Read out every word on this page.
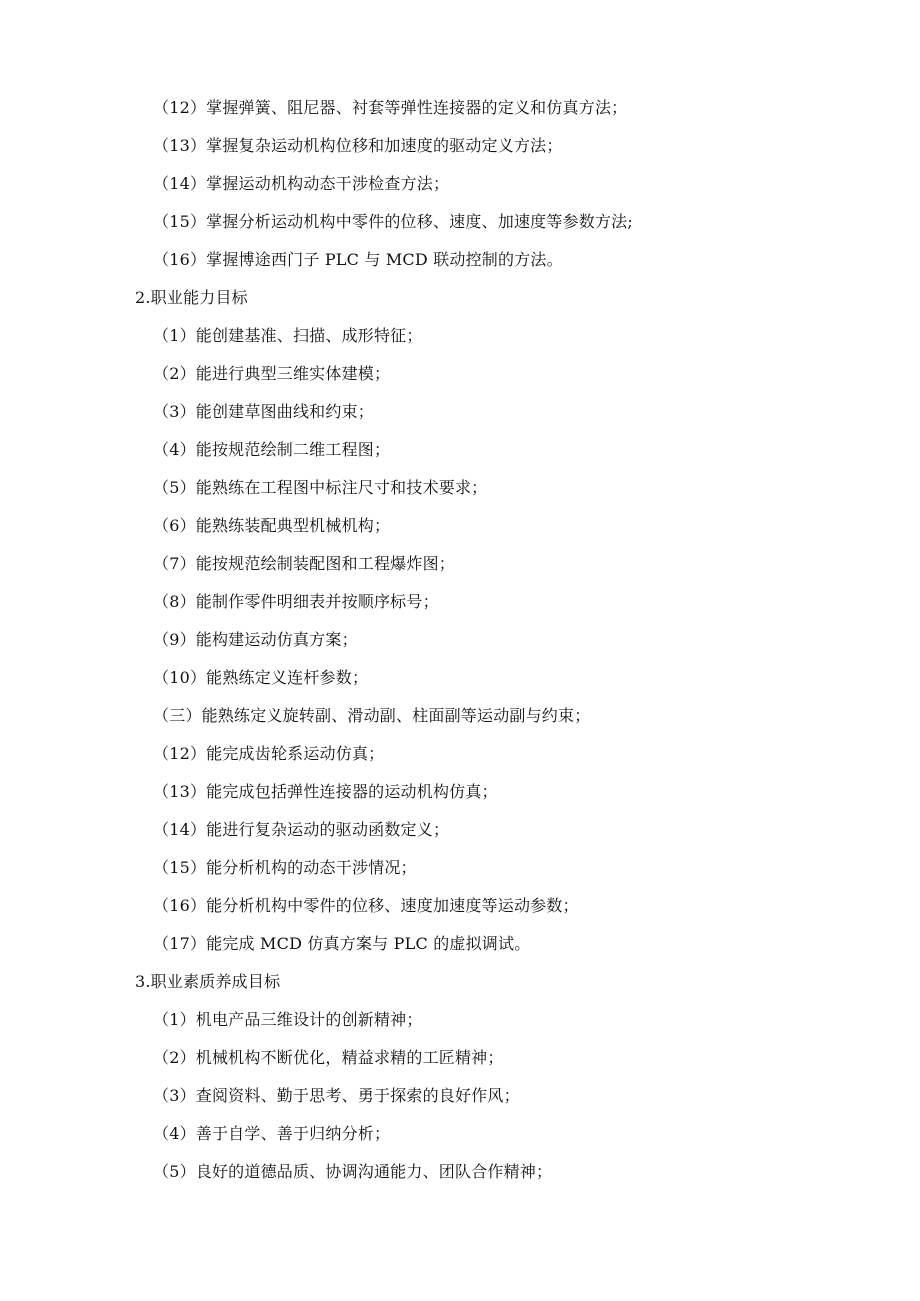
（12）掌握弹簧、阻尼器、衬套等弹性连接器的定义和仿真方法；
（13）掌握复杂运动机构位移和加速度的驱动定义方法；
（14）掌握运动机构动态干涉检查方法；
（15）掌握分析运动机构中零件的位移、速度、加速度等参数方法;
（16）掌握博途西门子 PLC 与 MCD 联动控制的方法。
2.职业能力目标
（1）能创建基准、扫描、成形特征；
（2）能进行典型三维实体建模；
（3）能创建草图曲线和约束；
（4）能按规范绘制二维工程图；
（5）能熟练在工程图中标注尺寸和技术要求；
（6）能熟练装配典型机械机构；
（7）能按规范绘制装配图和工程爆炸图；
（8）能制作零件明细表并按顺序标号；
（9）能构建运动仿真方案；
（10）能熟练定义连杆参数；
（三）能熟练定义旋转副、滑动副、柱面副等运动副与约束；
（12）能完成齿轮系运动仿真；
（13）能完成包括弹性连接器的运动机构仿真；
（14）能进行复杂运动的驱动函数定义；
（15）能分析机构的动态干涉情况；
（16）能分析机构中零件的位移、速度加速度等运动参数；
（17）能完成 MCD 仿真方案与 PLC 的虚拟调试。
3.职业素质养成目标
（1）机电产品三维设计的创新精神；
（2）机械机构不断优化，精益求精的工匠精神；
（3）查阅资料、勤于思考、勇于探索的良好作风；
（4）善于自学、善于归纳分析；
（5）良好的道德品质、协调沟通能力、团队合作精神；
